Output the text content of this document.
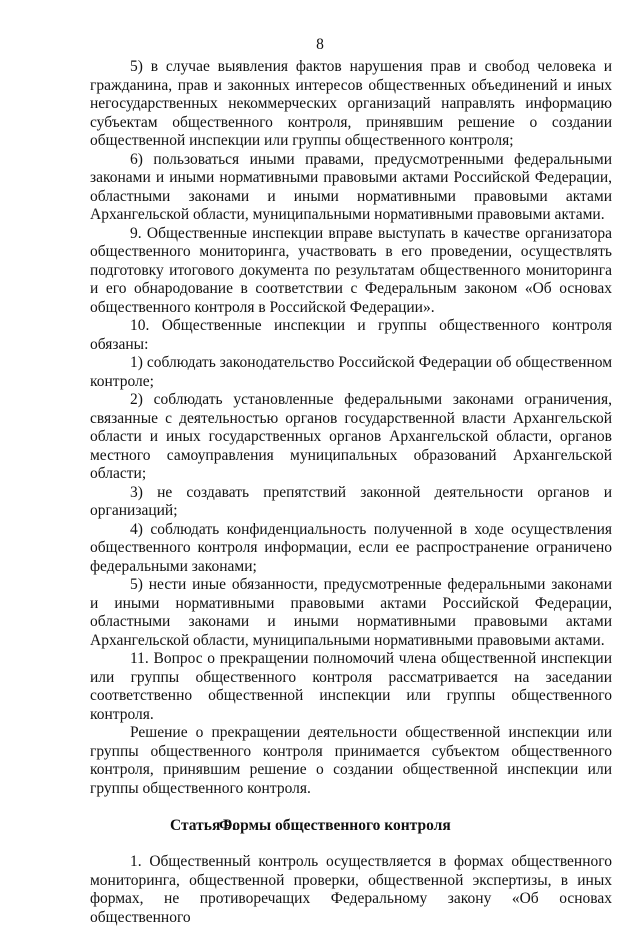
8

5) в случае выявления фактов нарушения прав и свобод человека и гражданина, прав и законных интересов общественных объединений и иных негосударственных некоммерческих организаций направлять информацию субъектам общественного контроля, принявшим решение о создании общественной инспекции или группы общественного контроля;

6) пользоваться иными правами, предусмотренными федеральными законами и иными нормативными правовыми актами Российской Федерации, областными законами и иными нормативными правовыми актами Архангельской области, муниципальными нормативными правовыми актами.

9. Общественные инспекции вправе выступать в качестве организатора общественного мониторинга, участвовать в его проведении, осуществлять подготовку итогового документа по результатам общественного мониторинга и его обнародование в соответствии с Федеральным законом «Об основах общественного контроля в Российской Федерации».

10. Общественные инспекции и группы общественного контроля обязаны:

1) соблюдать законодательство Российской Федерации об общественном контроле;

2) соблюдать установленные федеральными законами ограничения, связанные с деятельностью органов государственной власти Архангельской области и иных государственных органов Архангельской области, органов местного самоуправления муниципальных образований Архангельской области;

3) не создавать препятствий законной деятельности органов и организаций;

4) соблюдать конфиденциальность полученной в ходе осуществления общественного контроля информации, если ее распространение ограничено федеральными законами;

5) нести иные обязанности, предусмотренные федеральными законами и иными нормативными правовыми актами Российской Федерации, областными законами и иными нормативными правовыми актами Архангельской области, муниципальными нормативными правовыми актами.

11. Вопрос о прекращении полномочий члена общественной инспекции или группы общественного контроля рассматривается на заседании соответственно общественной инспекции или группы общественного контроля.

Решение о прекращении деятельности общественной инспекции или группы общественного контроля принимается субъектом общественного контроля, принявшим решение о создании общественной инспекции или группы общественного контроля.

Статья 9.Формы общественного контроля

1. Общественный контроль осуществляется в формах общественного мониторинга, общественной проверки, общественной экспертизы, в иных формах, не противоречащих Федеральному закону «Об основах общественного
